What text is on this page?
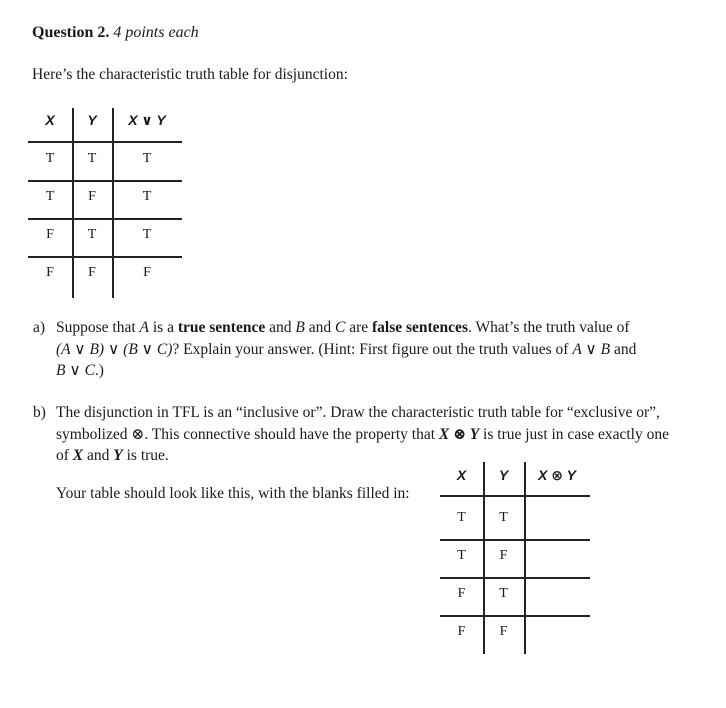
Question 2. 4 points each
Here’s the characteristic truth table for disjunction:
X	Y	X ∨ Y
T	T	T
T	F	T
F	T	T
F	F	F
a) Suppose that A is a true sentence and B and C are false sentences. What’s the truth value of
(A ∨ B) ∨ (B ∨ C)? Explain your answer. (Hint: First figure out the truth values of A ∨ B and
B ∨ C.)
b) The disjunction in TFL is an “inclusive or”. Draw the characteristic truth table for “exclusive or”, symbolized ⊗. This connective should have the property that X ⊗ Y is true just in case exactly one of X and Y is true.
Your table should look like this, with the blanks filled in:
X	Y	X ⊗ Y
T	T
T	F
F	T
F	F
